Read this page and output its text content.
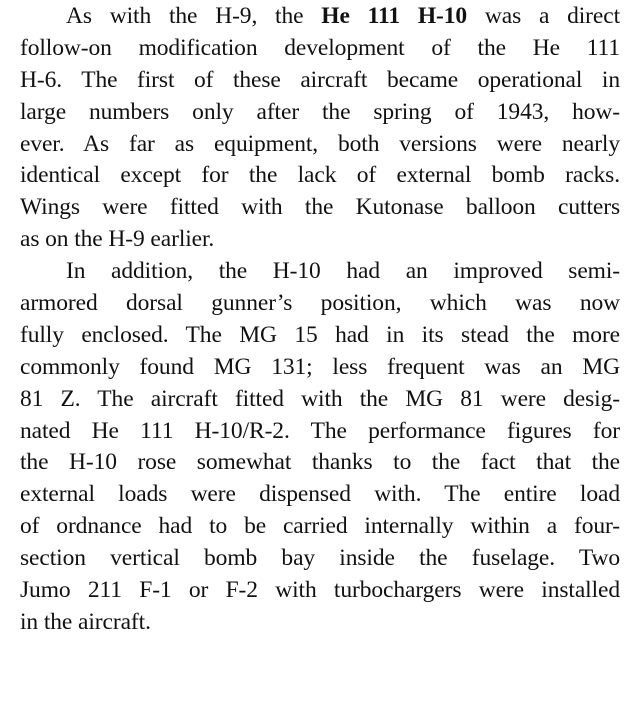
As with the H-9, the He 111 H-10 was a direct
follow-on modification development of the He 111
H-6. The first of these aircraft became operational in
large numbers only after the spring of 1943, how-
ever. As far as equipment, both versions were nearly
identical except for the lack of external bomb racks.
Wings were fitted with the Kutonase balloon cutters
as on the H-9 earlier.
In addition, the H-10 had an improved semi-
armored dorsal gunner’s position, which was now
fully enclosed. The MG 15 had in its stead the more
commonly found MG 131; less frequent was an MG
81 Z. The aircraft fitted with the MG 81 were desig-
nated He 111 H-10/R-2. The performance figures for
the H-10 rose somewhat thanks to the fact that the
external loads were dispensed with. The entire load
of ordnance had to be carried internally within a four-
section vertical bomb bay inside the fuselage. Two
Jumo 211 F-1 or F-2 with turbochargers were installed
in the aircraft.
